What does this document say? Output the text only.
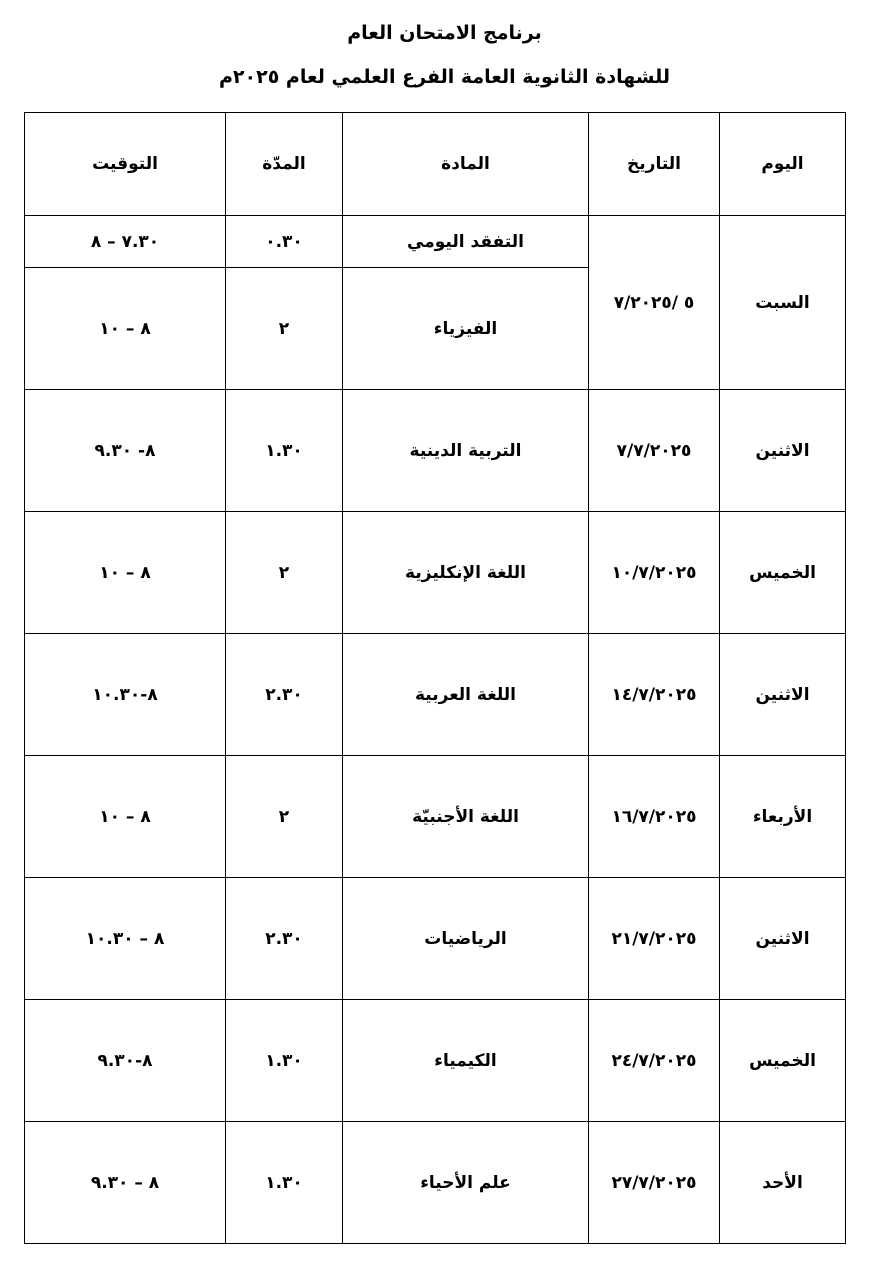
برنامج الامتحان العام
للشهادة الثانوية العامة الفرع العلمي لعام ٢٠٢٥م
اليوم	التاريخ	المادة	المدّة	التوقيت
السبت	٥ /٧/٢٠٢٥	التفقد اليومي	٠.٣٠	٧.٣٠ – ٨
		الفيزياء	٢	٨ – ١٠
الاثنين	٧/٧/٢٠٢٥	التربية الدينية	١.٣٠	٨- ٩.٣٠
الخميس	١٠/٧/٢٠٢٥	اللغة الإنكليزية	٢	٨ – ١٠
الاثنين	١٤/٧/٢٠٢٥	اللغة العربية	٢.٣٠	٨-١٠.٣٠
الأربعاء	١٦/٧/٢٠٢٥	اللغة الأجنبيّة	٢	٨ – ١٠
الاثنين	٢١/٧/٢٠٢٥	الرياضيات	٢.٣٠	٨ – ١٠.٣٠
الخميس	٢٤/٧/٢٠٢٥	الكيمياء	١.٣٠	٨-٩.٣٠
الأحد	٢٧/٧/٢٠٢٥	علم الأحياء	١.٣٠	٨ – ٩.٣٠
